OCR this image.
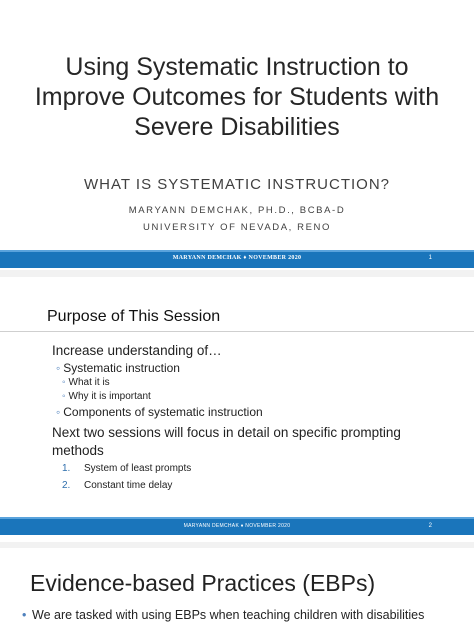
Using Systematic Instruction to Improve Outcomes for Students with Severe Disabilities
WHAT IS SYSTEMATIC INSTRUCTION?
MARYANN DEMCHAK, PH.D., BCBA-D
UNIVERSITY OF NEVADA, RENO
MARYANN DEMCHAK ♦ NOVEMBER 2020	1
Purpose of This Session
Increase understanding of…
◦ Systematic instruction
◦ What it is
◦ Why it is important
◦ Components of systematic instruction
Next two sessions will focus in detail on specific prompting methods
1. System of least prompts
2. Constant time delay
MARYANN DEMCHAK ♦ NOVEMBER 2020	2
Evidence-based Practices (EBPs)
• We are tasked with using EBPs when teaching children with disabilities
